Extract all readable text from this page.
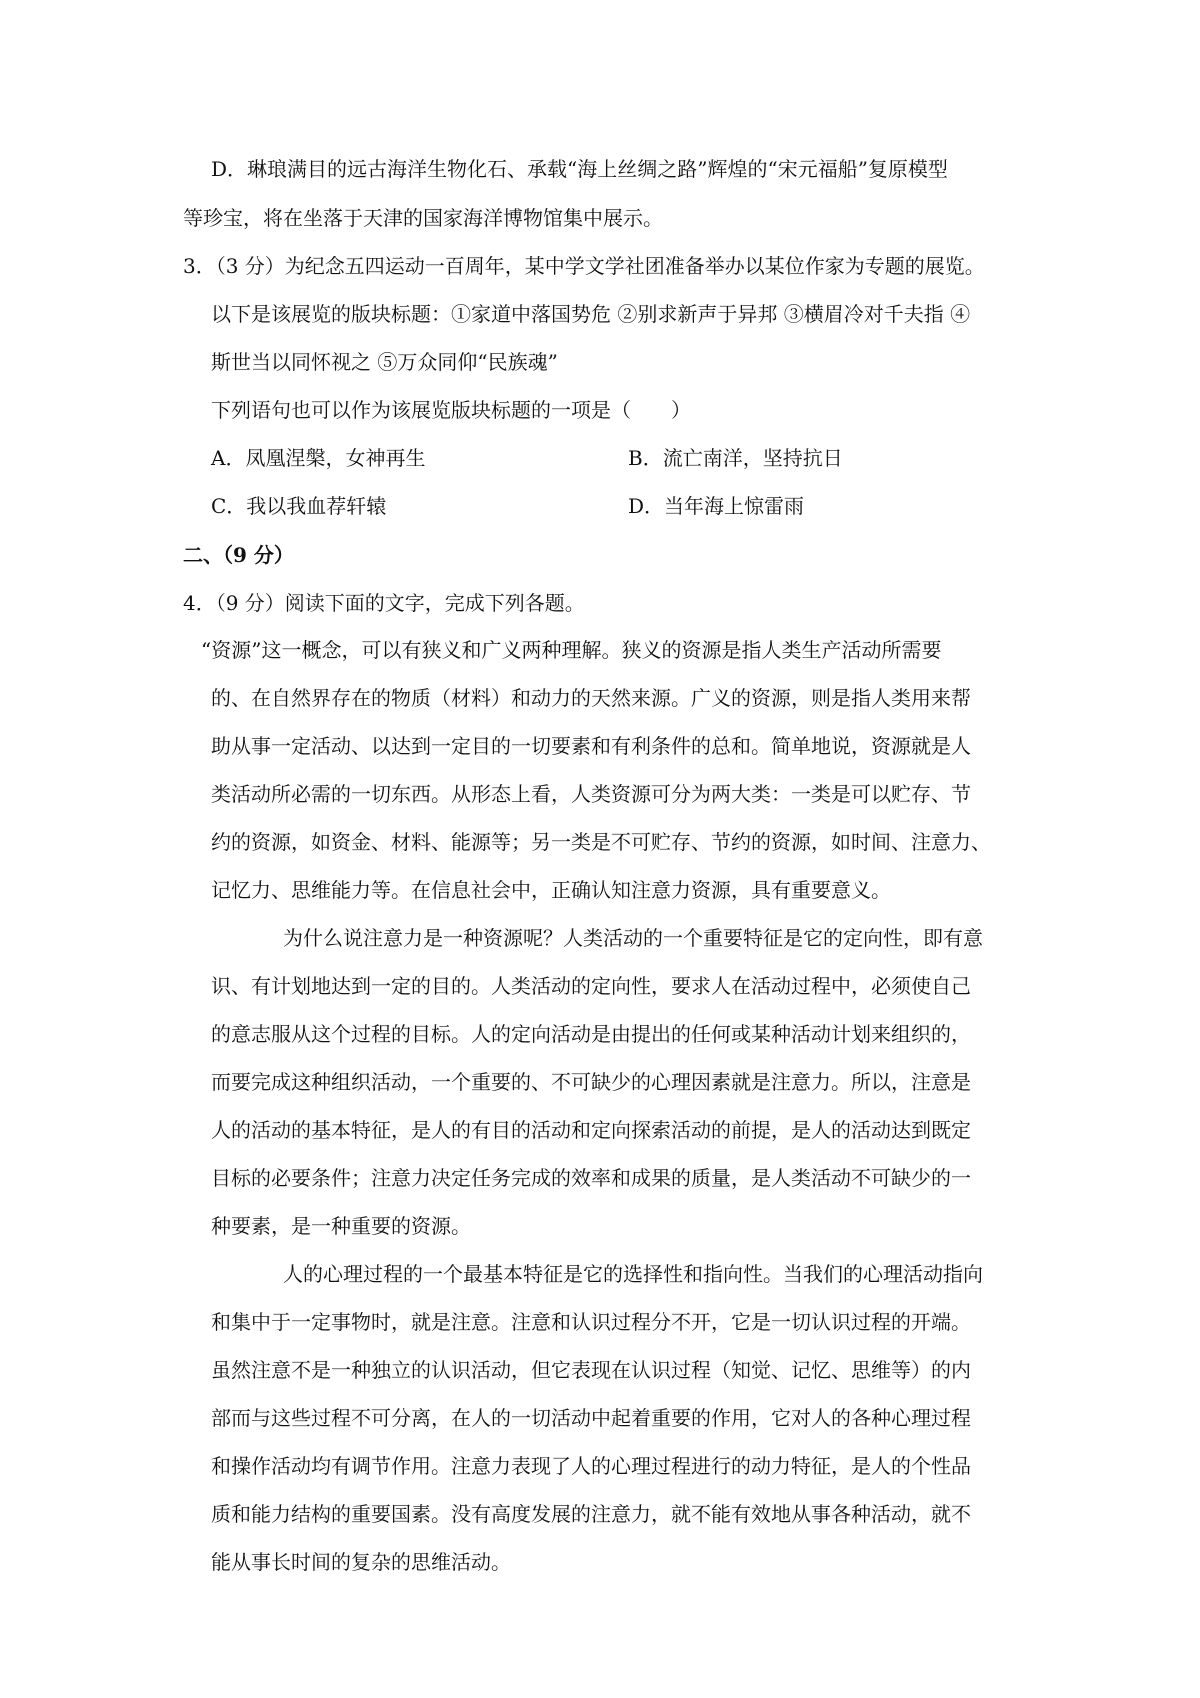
D．琳琅满目的远古海洋生物化石、承载“海上丝绸之路”辉煌的“宋元福船”复原模型
等珍宝，将在坐落于天津的国家海洋博物馆集中展示。
3．（3 分）为纪念五四运动一百周年，某中学文学社团准备举办以某位作家为专题的展览。
以下是该展览的版块标题：①家道中落国势危 ②别求新声于异邦 ③横眉冷对千夫指 ④
斯世当以同怀视之 ⑤万众同仰“民族魂”
下列语句也可以作为该展览版块标题的一项是（　　）
A．凤凰涅槃，女神再生	B．流亡南洋，坚持抗日
C．我以我血荐轩辕	D．当年海上惊雷雨
二、（9 分）
4．（9 分）阅读下面的文字，完成下列各题。
“资源”这一概念，可以有狭义和广义两种理解。狭义的资源是指人类生产活动所需要
的、在自然界存在的物质（材料）和动力的天然来源。广义的资源，则是指人类用来帮
助从事一定活动、以达到一定目的一切要素和有利条件的总和。简单地说，资源就是人
类活动所必需的一切东西。从形态上看，人类资源可分为两大类：一类是可以贮存、节
约的资源，如资金、材料、能源等；另一类是不可贮存、节约的资源，如时间、注意力、
记忆力、思维能力等。在信息社会中，正确认知注意力资源，具有重要意义。
为什么说注意力是一种资源呢？人类活动的一个重要特征是它的定向性，即有意
识、有计划地达到一定的目的。人类活动的定向性，要求人在活动过程中，必须使自己
的意志服从这个过程的目标。人的定向活动是由提出的任何或某种活动计划来组织的，
而要完成这种组织活动，一个重要的、不可缺少的心理因素就是注意力。所以，注意是
人的活动的基本特征，是人的有目的活动和定向探索活动的前提，是人的活动达到既定
目标的必要条件；注意力决定任务完成的效率和成果的质量，是人类活动不可缺少的一
种要素，是一种重要的资源。
人的心理过程的一个最基本特征是它的选择性和指向性。当我们的心理活动指向
和集中于一定事物时，就是注意。注意和认识过程分不开，它是一切认识过程的开端。
虽然注意不是一种独立的认识活动，但它表现在认识过程（知觉、记忆、思维等）的内
部而与这些过程不可分离，在人的一切活动中起着重要的作用，它对人的各种心理过程
和操作活动均有调节作用。注意力表现了人的心理过程进行的动力特征，是人的个性品
质和能力结构的重要国素。没有高度发展的注意力，就不能有效地从事各种活动，就不
能从事长时间的复杂的思维活动。
